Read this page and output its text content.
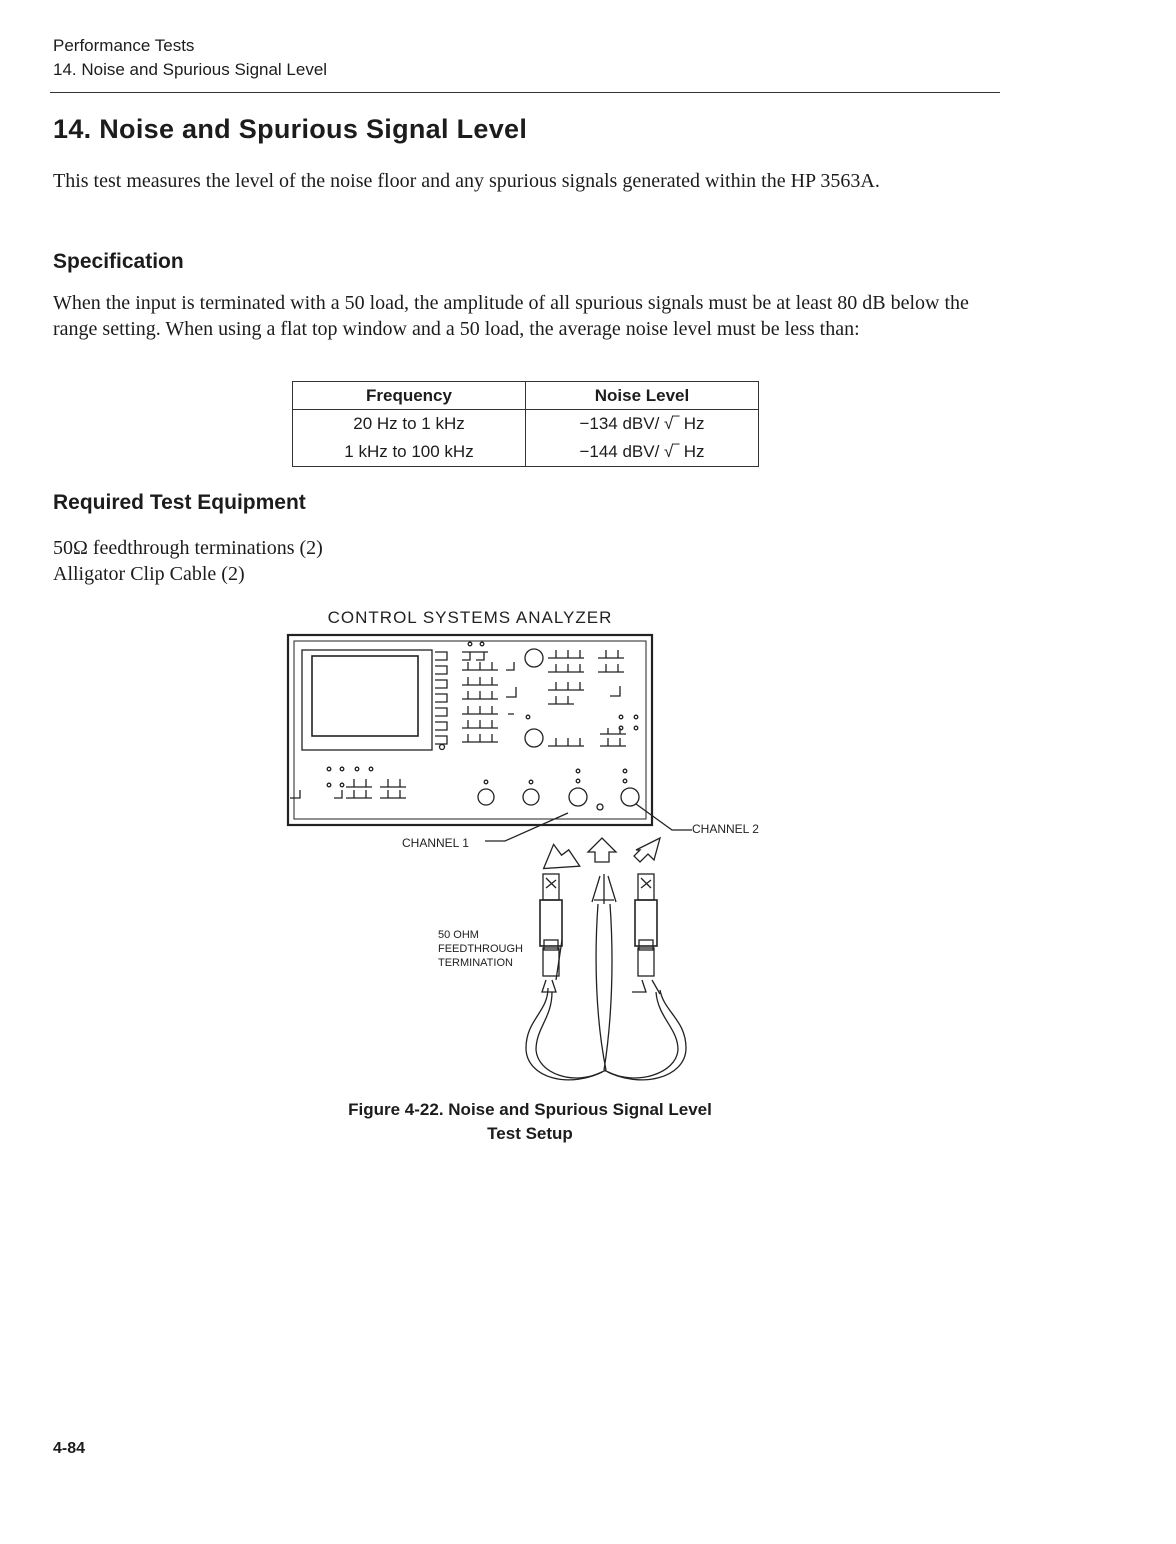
Performance Tests
14. Noise and Spurious Signal Level
14. Noise and Spurious Signal Level
This test measures the level of the noise floor and any spurious signals generated within the HP 3563A.
Specification
When the input is terminated with a 50 load, the amplitude of all spurious signals must be at least 80 dB below the range setting. When using a flat top window and a 50 load, the average noise level must be less than:
Frequency	Noise Level
20 Hz to 1 kHz	−134 dBV/ √‾ Hz
1 kHz to 100 kHz	−144 dBV/ √‾ Hz
Required Test Equipment
50Ω feedthrough terminations (2)
Alligator Clip Cable (2)
CONTROL SYSTEMS ANALYZER
CHANNEL 1
CHANNEL 2
50 OHM
FEEDTHROUGH
TERMINATION
Figure 4-22. Noise and Spurious Signal Level
Test Setup
4-84
